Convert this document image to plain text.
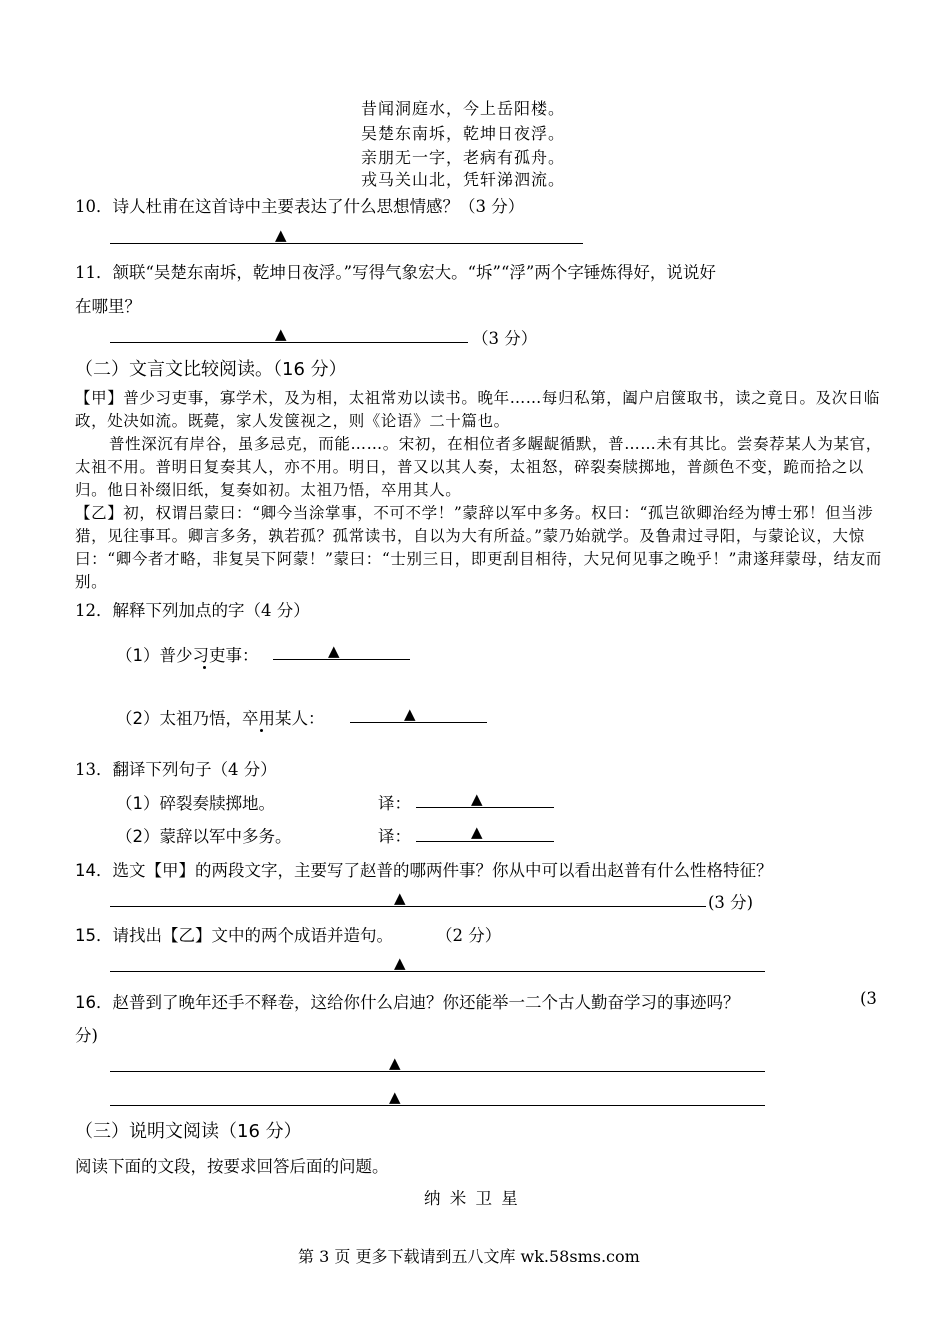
昔闻洞庭水，今上岳阳楼。
吴楚东南坼，乾坤日夜浮。
亲朋无一字，老病有孤舟。
戎马关山北，凭轩涕泗流。
10．诗人杜甫在这首诗中主要表达了什么思想情感？（3 分）
▲
11．颔联“吴楚东南坼，乾坤日夜浮。”写得气象宏大。“坼”“浮”两个字锤炼得好，说说好
在哪里？
▲	（3 分）
（二）文言文比较阅读。（16 分）
【甲】普少习吏事，寡学术，及为相，太祖常劝以读书。晚年……每归私第，阖户启箧取书，读之竟日。及次日临政，处决如流。既薨，家人发箧视之，则《论语》二十篇也。
普性深沉有岸谷，虽多忌克，而能……。宋初，在相位者多龌龊循默，普……未有其比。尝奏荐某人为某官，太祖不用。普明日复奏其人，亦不用。明日，普又以其人奏，太祖怒，碎裂奏牍掷地，普颜色不变，跪而拾之以归。他日补缀旧纸，复奏如初。太祖乃悟，卒用其人。
【乙】初，权谓吕蒙曰：“卿今当涂掌事，不可不学！”蒙辞以军中多务。权曰：“孤岂欲卿治经为博士邪！但当涉猎，见往事耳。卿言多务，孰若孤？孤常读书，自以为大有所益。”蒙乃始就学。及鲁肃过寻阳，与蒙论议，大惊曰：“卿今者才略，非复吴下阿蒙！”蒙曰：“士别三日，即更刮目相待，大兄何见事之晚乎！”肃遂拜蒙母，结友而别。
12．解释下列加点的字（4 分）
（1）普少习吏事：	▲
（2）太祖乃悟，卒用某人：	▲
13．翻译下列句子（4 分）
（1）碎裂奏牍掷地。	译：	▲
（2）蒙辞以军中多务。	译：	▲
14．选文【甲】的两段文字，主要写了赵普的哪两件事？你从中可以看出赵普有什么性格特征？
▲	(3 分)
15．请找出【乙】文中的两个成语并造句。	（2 分）
▲
16．赵普到了晚年还手不释卷，这给你什么启迪？你还能举一二个古人勤奋学习的事迹吗？	(3
分)
▲
▲
（三）说明文阅读（16 分）
阅读下面的文段，按要求回答后面的问题。
纳 米 卫 星
第 3 页 更多下载请到五八文库 wk.58sms.com
